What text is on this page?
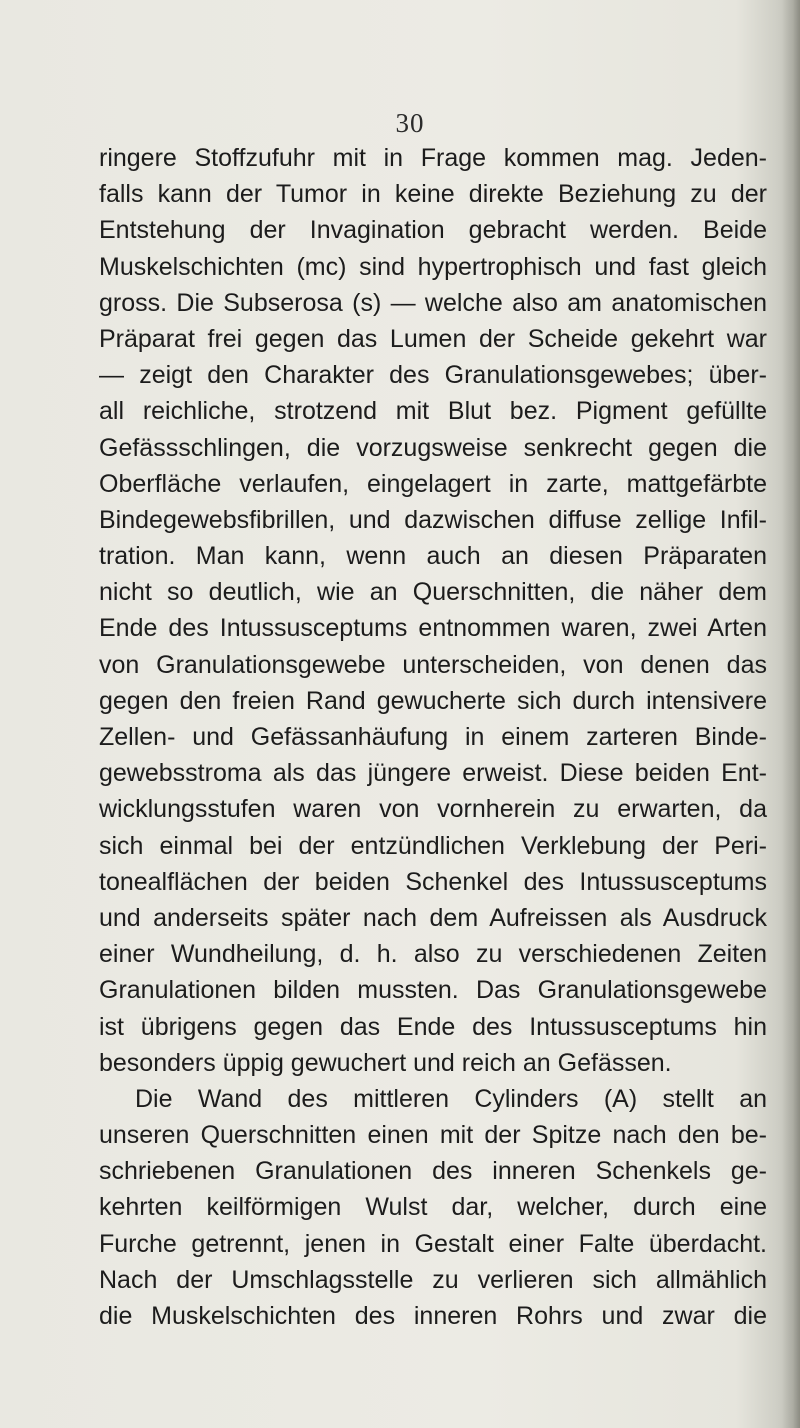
30
ringere Stoffzufuhr mit in Frage kommen mag. Jeden-
falls kann der Tumor in keine direkte Beziehung zu der
Entstehung der Invagination gebracht werden. Beide
Muskelschichten (mc) sind hypertrophisch und fast gleich
gross. Die Subserosa (s) — welche also am anatomischen
Präparat frei gegen das Lumen der Scheide gekehrt war
— zeigt den Charakter des Granulationsgewebes; über-
all reichliche, strotzend mit Blut bez. Pigment gefüllte
Gefässschlingen, die vorzugsweise senkrecht gegen die
Oberfläche verlaufen, eingelagert in zarte, mattgefärbte
Bindegewebsfibrillen, und dazwischen diffuse zellige Infil-
tration. Man kann, wenn auch an diesen Präparaten
nicht so deutlich, wie an Querschnitten, die näher dem
Ende des Intussusceptums entnommen waren, zwei Arten
von Granulationsgewebe unterscheiden, von denen das
gegen den freien Rand gewucherte sich durch intensivere
Zellen- und Gefässanhäufung in einem zarteren Binde-
gewebsstroma als das jüngere erweist. Diese beiden Ent-
wicklungsstufen waren von vornherein zu erwarten, da
sich einmal bei der entzündlichen Verklebung der Peri-
tonealflächen der beiden Schenkel des Intussusceptums
und anderseits später nach dem Aufreissen als Ausdruck
einer Wundheilung, d. h. also zu verschiedenen Zeiten
Granulationen bilden mussten. Das Granulationsgewebe
ist übrigens gegen das Ende des Intussusceptums hin
besonders üppig gewuchert und reich an Gefässen.
Die Wand des mittleren Cylinders (A) stellt an
unseren Querschnitten einen mit der Spitze nach den be-
schriebenen Granulationen des inneren Schenkels ge-
kehrten keilförmigen Wulst dar, welcher, durch eine
Furche getrennt, jenen in Gestalt einer Falte überdacht.
Nach der Umschlagsstelle zu verlieren sich allmählich
die Muskelschichten des inneren Rohrs und zwar die
